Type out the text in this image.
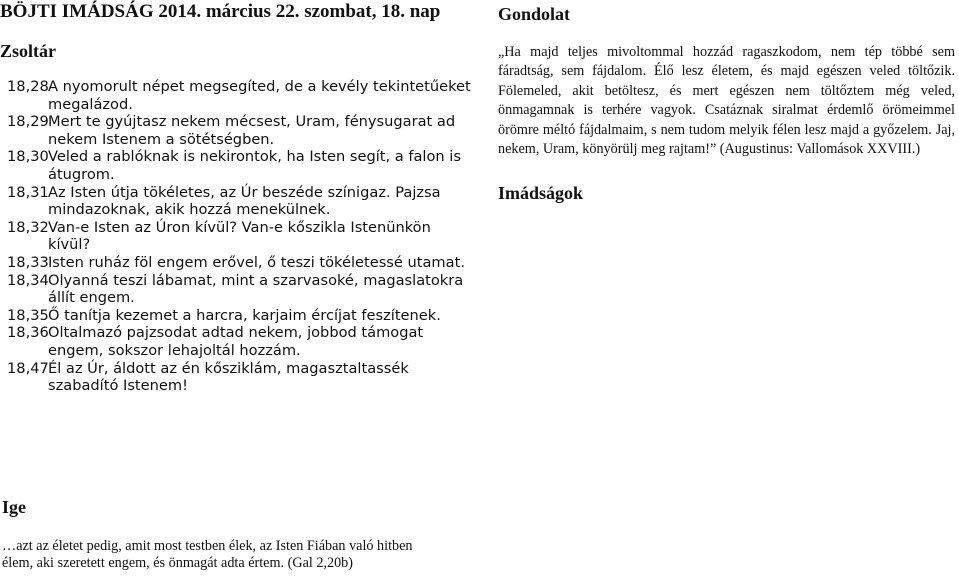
BÖJTI IMÁDSÁG 2014. március 22. szombat, 18. nap
Zsoltár
18,28 A nyomorult népet megsegíted, de a kevély tekintetűeket megalázod.
18,29 Mert te gyújtasz nekem mécsest, Uram, fénysugarat ad nekem Istenem a sötétségben.
18,30 Veled a rablóknak is nekirontok, ha Isten segít, a falon is átugrom.
18,31 Az Isten útja tökéletes, az Úr beszéde színigaz. Pajzsa mindazoknak, akik hozzá menekülnek.
18,32 Van-e Isten az Úron kívül? Van-e kőszikla Istenünkön kívül?
18,33 Isten ruház föl engem erővel, ő teszi tökéletessé utamat.
18,34 Olyanná teszi lábamat, mint a szarvasoké, magaslatokra állít engem.
18,35 Ő tanítja kezemet a harcra, karjaim ércíjat feszítenek.
18,36 Oltalmazó pajzsodat adtad nekem, jobbod támogat engem, sokszor lehajoltál hozzám.
18,47 Él az Úr, áldott az én kősziklám, magasztaltassék szabadító Istenem!
Gondolat

„Ha majd teljes mivoltommal hozzád ragaszkodom, nem tép többé sem fáradtság, sem fájdalom. Élő lesz életem, és majd egészen veled töltőzik. Fölemeled, akit betöltesz, és mert egészen nem töltőztem még veled, önmagamnak is terhére vagyok. Csatáznak siralmat érdemlő örömeimmel örömre méltó fájdalmaim, s nem tudom melyik félen lesz majd a győzelem. Jaj, nekem, Uram, könyörülj meg rajtam!” (Augustinus: Vallomások XXVIII.)

Imádságok
Ige

…azt az életet pedig, amit most testben élek, az Isten Fiában való hitben élem, aki szeretett engem, és önmagát adta értem. (Gal 2,20b)
